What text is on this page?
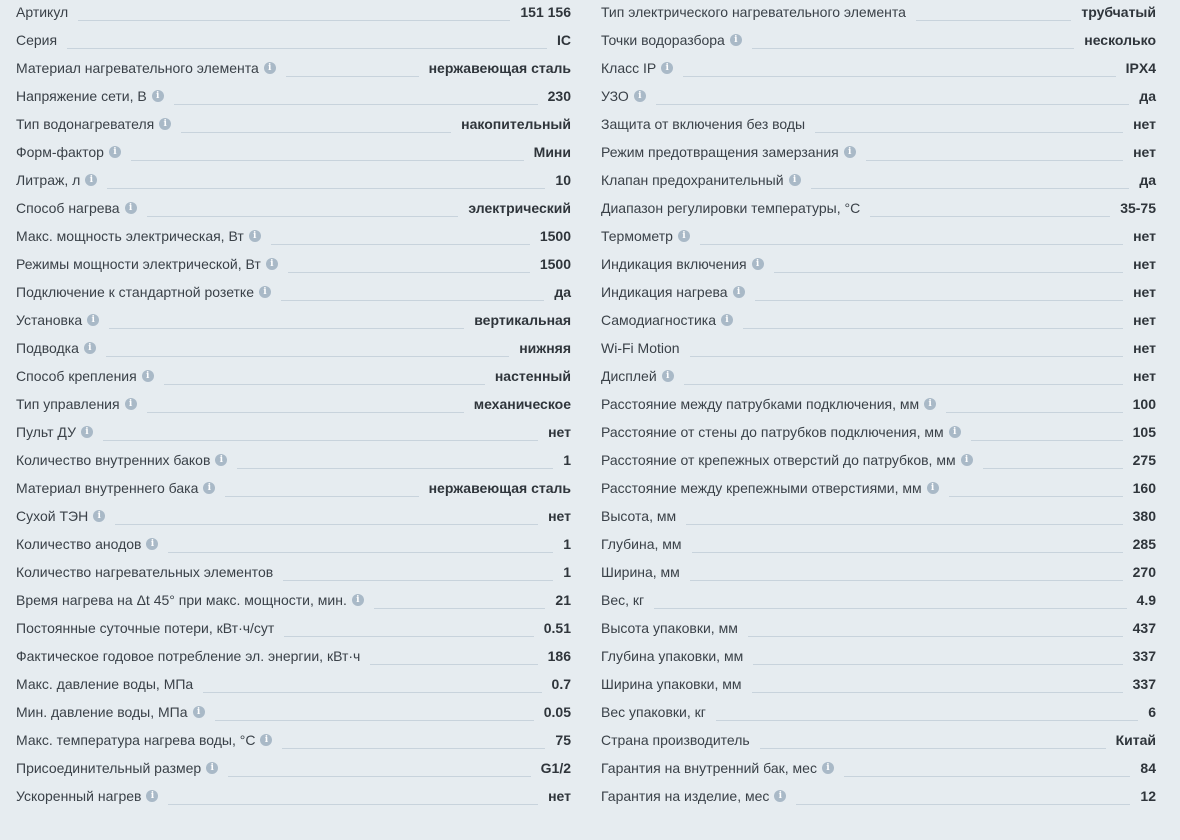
Артикул	151 156
Серия	IC
Материал нагревательного элемента	i	нержавеющая сталь
Напряжение сети, В	i	230
Тип водонагревателя	i	накопительный
Форм-фактор	i	Мини
Литраж, л	i	10
Способ нагрева	i	электрический
Макс. мощность электрическая, Вт	i	1500
Режимы мощности электрической, Вт	i	1500
Подключение к стандартной розетке	i	да
Установка	i	вертикальная
Подводка	i	нижняя
Способ крепления	i	настенный
Тип управления	i	механическое
Пульт ДУ	i	нет
Количество внутренних баков	i	1
Материал внутреннего бака	i	нержавеющая сталь
Сухой ТЭН	i	нет
Количество анодов	i	1
Количество нагревательных элементов	1
Время нагрева на Δt 45° при макс. мощности, мин.	i	21
Постоянные суточные потери, кВт·ч/сут	0.51
Фактическое годовое потребление эл. энергии, кВт·ч	186
Макс. давление воды, МПа	0.7
Мин. давление воды, МПа	i	0.05
Макс. температура нагрева воды, °С	i	75
Присоединительный размер	i	G1/2
Ускоренный нагрев	i	нет
Тип электрического нагревательного элемента	трубчатый
Точки водоразбора	i	несколько
Класс IP	i	IPX4
УЗО	i	да
Защита от включения без воды	нет
Режим предотвращения замерзания	i	нет
Клапан предохранительный	i	да
Диапазон регулировки температуры, °С	35-75
Термометр	i	нет
Индикация включения	i	нет
Индикация нагрева	i	нет
Самодиагностика	i	нет
Wi-Fi Motion	нет
Дисплей	i	нет
Расстояние между патрубками подключения, мм	i	100
Расстояние от стены до патрубков подключения, мм	i	105
Расстояние от крепежных отверстий до патрубков, мм	i	275
Расстояние между крепежными отверстиями, мм	i	160
Высота, мм	380
Глубина, мм	285
Ширина, мм	270
Вес, кг	4.9
Высота упаковки, мм	437
Глубина упаковки, мм	337
Ширина упаковки, мм	337
Вес упаковки, кг	6
Страна производитель	Китай
Гарантия на внутренний бак, мес	i	84
Гарантия на изделие, мес	i	12
